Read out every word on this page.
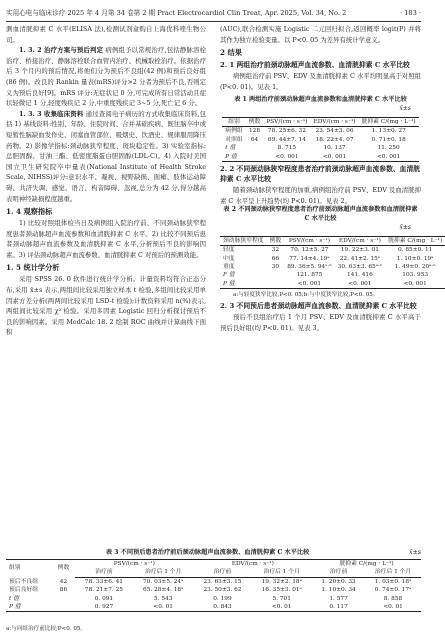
实用心电与临床诊疗 2025 年 4 月第 34 卷第 2 期 Pract Electrocardiol Clin Treat, Apr. 2025, Vol. 34, No. 2	· 183 ·

测血清胱抑素 C 水平(ELISA 法),检测试剂盒购自上海优科喹生物公司。

1. 3. 2 治疗方案与预后判定 病例组予以常规治疗,包括静脉溶栓治疗、桥接治疗、静脉溶栓联合血管内治疗、机械取栓治疗。依据治疗后 3 个月内的预后情况,将他们分为预后不良组(42 例)和预后良好组(86 例)。改良的 Rankin 量表(mRS)评分>2 分者为预后不良,否则定义为预后良好[9]。mRS 评分:无症状记 0 分,可完成所有日常活动且症状轻微记 1 分,轻度残疾记 2 分,中重度残疾记 3~5 分,死亡记 6 分。

1. 3. 3 收集临床资料 通过查阅电子病历的方式收集临床资料,包括 1) 基线资料:性别、年龄、住院时间、合并基础疾病、既往脑卒中或短暂性脑缺血发作史、闭塞血管部位、吸烟史、饮酒史、规律服用降压药物。2) 影像学指标:颈动脉狭窄程度、斑块稳定性。3) 实验室指标:总胆固醇、甘油三酯、低密度脂蛋白胆固醇(LDL-C)。4) 入院时美国国立卫生研究院卒中量表(National Institute of Health Stroke Scale, NIHSS)评分:意识水平、凝视、视野缺损、面瘫、肢体运动障碍、共济失调、感觉、语言、构音障碍、忽视,总分为 42 分,得分越高表明神经缺损程度越重。

1. 4 观察指标

1) 比较对照组体检当日及病例组入院治疗前、不同颈动脉狭窄程度患者颈动脉超声血流参数和血清胱抑素 C 水平。2) 比较不同预后患者颈动脉超声血流参数及血清胱抑素 C 水平,分析预后不良的影响因素。3) 评估颈动脉超声血流参数、血清胱抑素 C 对预后的预测效能。

1. 5 统计学分析

采用 SPSS 26. 0 软件进行统计学分析。计量资料均符合正态分布,采用 x̄±s 表示,两组间比较采用独立样本 t 检验,多组间比较采用单因素方差分析(两两间比较采用 LSD-t 检验);计数资料采用 n(%)表示,两组间比较采用 χ² 检验。采用多因素 Logistic 回归分析探讨预后不良的影响因素。采用 MedCalc 18. 2 绘制 ROC 曲线并计算曲线下面积

(AUC),联合检测实施 Logistic 二元回归拟合,返回概率 logit(P) 并将其作为独立检验变量。以 P<0. 05 为差异有统计学意义。

2 结果
2. 1 两组治疗前颈动脉超声血流参数、血清胱抑素 C 水平比较

病例组治疗前 PSV、EDV 及血清胱抑素 C 水平均明显高于对照组(P<0. 01)。见表 1。

表 1 两组治疗前颈动脉超声血流参数和血清胱抑素 C 水平比较
x̄±s
组别	例数	PSV/(cm · s⁻¹)	EDV/(cm · s⁻¹)	胱抑素 C/(mg · L⁻¹)
病例组	128	78. 25±6. 32	23. 54±3. 06	1. 13±0. 27
对照组	64	69. 44±7. 14	18. 22±4. 07	0. 71±0. 18
t 值		8. 715	10. 137	11. 250
P 值		<0. 001	<0. 001	<0. 001
2. 2 不同颈动脉狭窄程度患者治疗前颈动脉超声血流参数、血清胱抑素 C 水平比较

随着颈动脉狭窄程度的加重,病例组治疗前 PSV、EDV 及血清胱抑素 C 水平呈上升趋势(均 P<0. 01)。见表 2。

表 2 不同颈动脉狭窄程度患者治疗前颈动脉超声血流参数和血清胱抑素 C 水平比较
x̄±s
颈动脉狭窄程度	例数	PSV/(cm · s⁻¹)	EDV/(cm · s⁻¹)	胱抑素 C/(mg · L⁻¹)
轻度	32	70. 12±5. 27	19. 22±3. 01	0. 85±0. 11
中度	66	77. 14±4. 19ᵃ	22. 41±2. 15ᵃ	1. 10±0. 19ᵃ
重度	30	89. 36±5. 94ᵃ·ᵇ	30. 63±3. 65ᵃ·ᵇ	1. 49±0. 20ᵃ·ᵇ
F 值		121. 875	141. 416	103. 953
P 值		<0. 001	<0. 001	<0. 001

a:与轻度狭窄比较,P<0. 05;b:与中度狭窄比较,P<0. 05。

2. 3 不同预后患者颈动脉超声血流参数、血清胱抑素 C 水平比较

预后不良组治疗后 1 个月 PSV、EDV 及血清胱抑素 C 水平高于预后良好组(均 P<0. 01)。见表 3。

表 3 不同预后患者治疗前后颈动脉超声血流参数、血清胱抑素 C 水平比较	x̄±s
组别	例数	PSV/(cm · s⁻¹)		EDV/(cm · s⁻¹)		胱抑素 C/(mg · L⁻¹)	
		治疗前	治疗后 1 个月	治疗前	治疗后 1 个月	治疗前	治疗后 1 个月
预后不良组	42	78. 33±6. 41	70. 03±5. 24ᵃ	23. 63±3. 15	19. 32±2. 18ᵃ	1. 20±0. 33	1. 03±0. 18ᵃ
预后良好组	86	78. 21±7. 25	65. 28±4. 18ᵃ	23. 50±3. 62	16. 35±3. 01ᵃ	1. 10±0. 34	0. 74±0. 17ᵃ
t 值		0. 091	5. 543	0. 199	5. 701	1. 577	8. 858
P 值		0. 927	<0. 01	0. 843	<0. 01	0. 117	<0. 01
a:与同组治疗前比较,P<0. 05。
